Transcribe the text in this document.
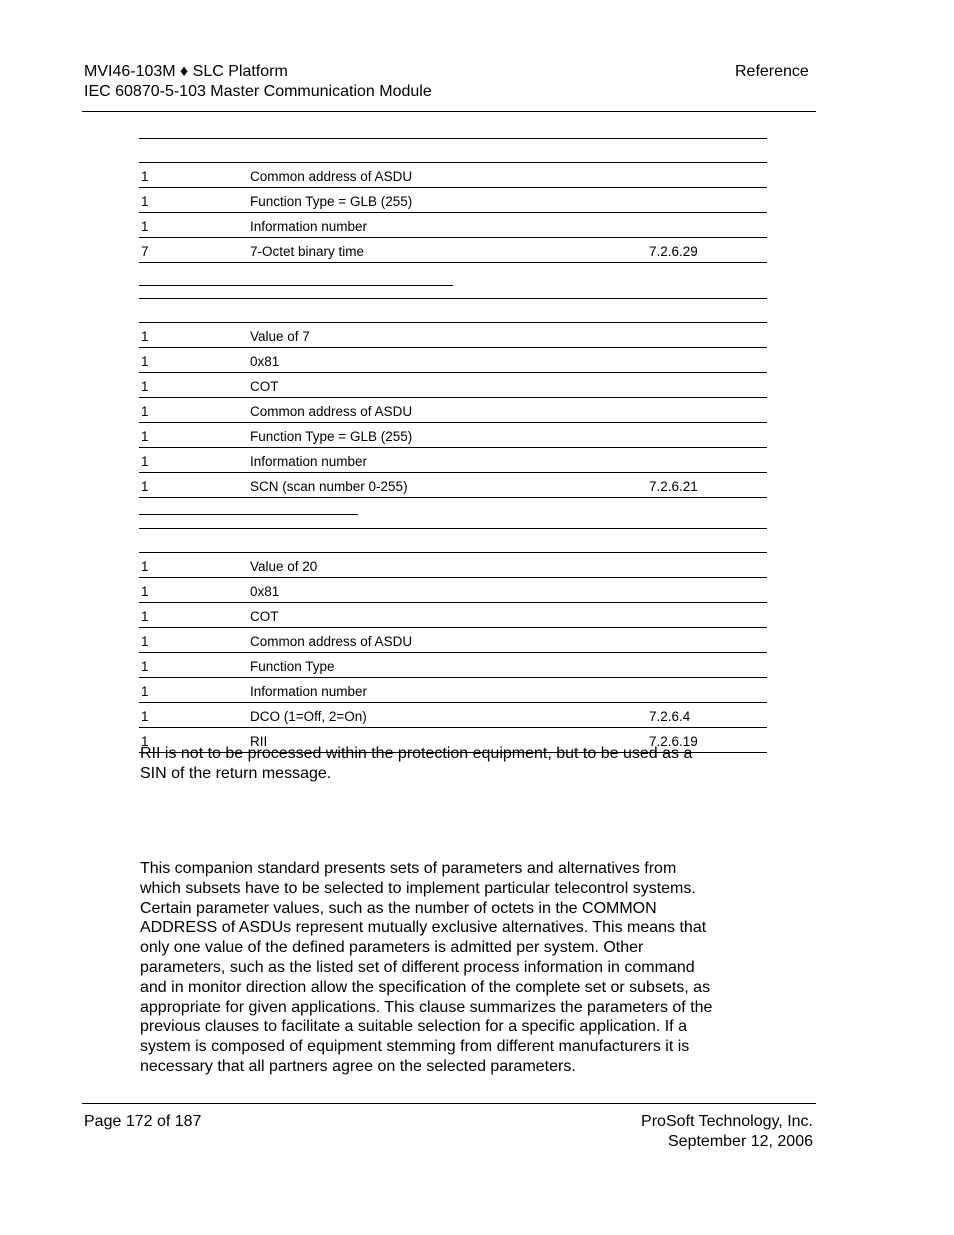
MVI46-103M ♦ SLC Platform
IEC 60870-5-103 Master Communication Module
Reference

1	Common address of ASDU	
1	Function Type = GLB (255)	
1	Information number	
7	7-Octet binary time	7.2.6.29

1	Value of 7	
1	0x81	
1	COT	
1	Common address of ASDU	
1	Function Type = GLB (255)	
1	Information number	
1	SCN (scan number 0-255)	7.2.6.21

1	Value of 20	
1	0x81	
1	COT	
1	Common address of ASDU	
1	Function Type	
1	Information number	
1	DCO (1=Off, 2=On)	7.2.6.4
1	RII	7.2.6.19
RII is not to be processed within the protection equipment, but to be used as a
SIN of the return message.
This companion standard presents sets of parameters and alternatives from
which subsets have to be selected to implement particular telecontrol systems.
Certain parameter values, such as the number of octets in the COMMON
ADDRESS of ASDUs represent mutually exclusive alternatives. This means that
only one value of the defined parameters is admitted per system. Other
parameters, such as the listed set of different process information in command
and in monitor direction allow the specification of the complete set or subsets, as
appropriate for given applications. This clause summarizes the parameters of the
previous clauses to facilitate a suitable selection for a specific application. If a
system is composed of equipment stemming from different manufacturers it is
necessary that all partners agree on the selected parameters.
Page 172 of 187	ProSoft Technology, Inc.
September 12, 2006
